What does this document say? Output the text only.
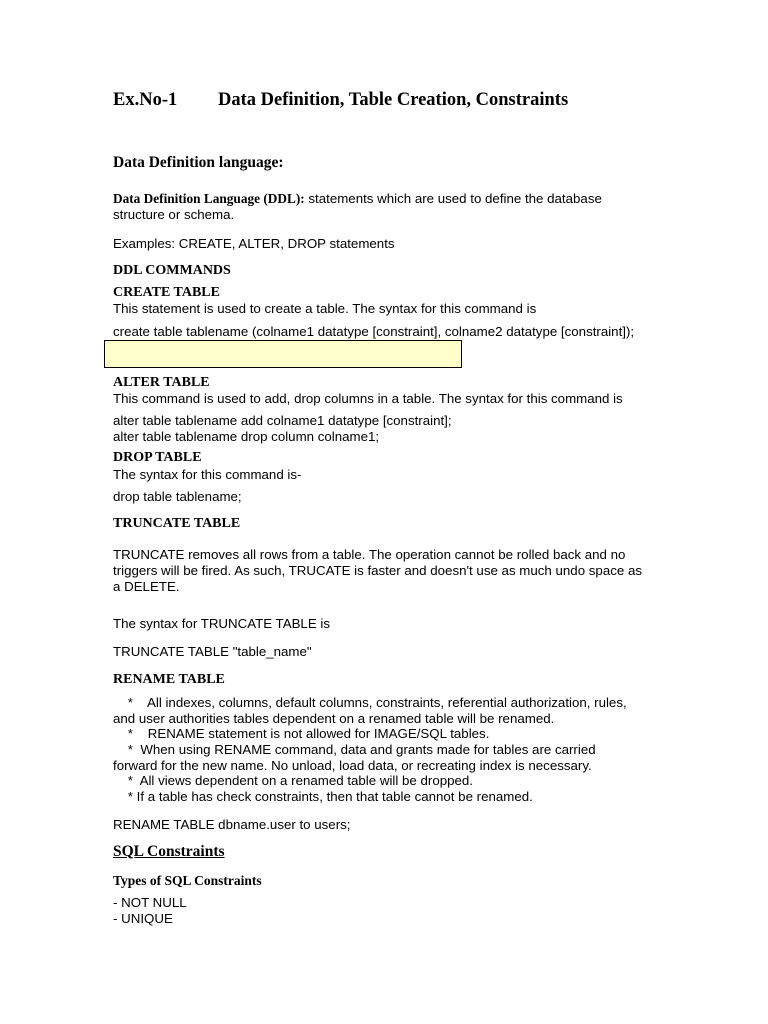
Ex.No-1 Data Definition, Table Creation, Constraints
Data Definition language:
Data Definition Language (DDL): statements which are used to define the database
structure or schema.
Examples: CREATE, ALTER, DROP statements
DDL COMMANDS
CREATE TABLE
This statement is used to create a table. The syntax for this command is
create table tablename (colname1 datatype [constraint], colname2 datatype [constraint]);
ALTER TABLE
This command is used to add, drop columns in a table. The syntax for this command is
alter table tablename add colname1 datatype [constraint];
alter table tablename drop column colname1;
DROP TABLE
The syntax for this command is-
drop table tablename;
TRUNCATE TABLE
TRUNCATE removes all rows from a table. The operation cannot be rolled back and no
triggers will be fired. As such, TRUCATE is faster and doesn't use as much undo space as
a DELETE.
The syntax for TRUNCATE TABLE is
TRUNCATE TABLE "table_name"
RENAME TABLE
*    All indexes, columns, default columns, constraints, referential authorization, rules,
and user authorities tables dependent on a renamed table will be renamed.
*    RENAME statement is not allowed for IMAGE/SQL tables.
*  When using RENAME command, data and grants made for tables are carried
forward for the new name. No unload, load data, or recreating index is necessary.
*  All views dependent on a renamed table will be dropped.
* If a table has check constraints, then that table cannot be renamed.
RENAME TABLE dbname.user to users;
SQL Constraints
Types of SQL Constraints
- NOT NULL
- UNIQUE
